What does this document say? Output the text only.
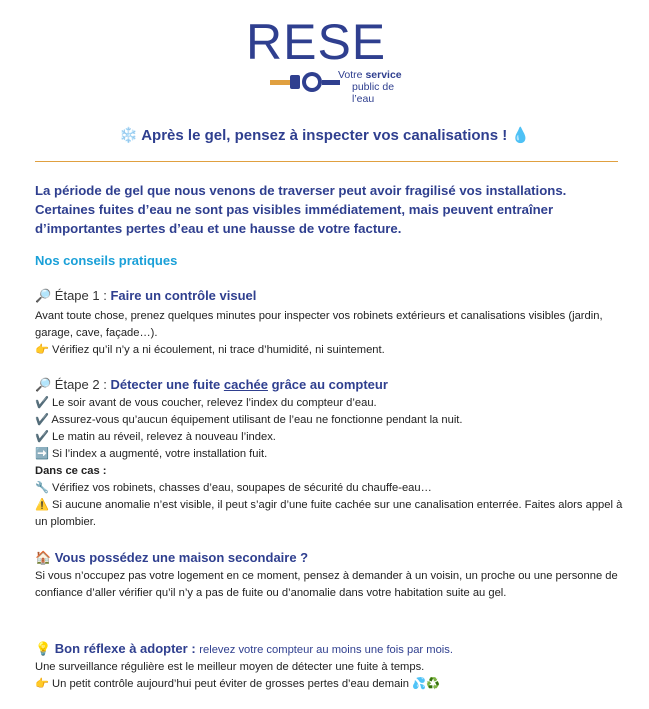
RESE
Votre service
public de l’eau
❄️ Après le gel, pensez à inspecter vos canalisations ! 💧
La période de gel que nous venons de traverser peut avoir fragilisé vos installations. Certaines fuites d’eau ne sont pas visibles immédiatement, mais peuvent entraîner d’importantes pertes d’eau et une hausse de votre facture.
Nos conseils pratiques
🔎 Étape 1 : Faire un contrôle visuel

Avant toute chose, prenez quelques minutes pour inspecter vos robinets extérieurs et canalisations visibles (jardin, garage, cave, façade…).

👉 Vérifiez qu’il n’y a ni écoulement, ni trace d’humidité, ni suintement.

🔎 Étape 2 : Détecter une fuite cachée grâce au compteur

✔️ Le soir avant de vous coucher, relevez l’index du compteur d’eau.

✔️ Assurez-vous qu’aucun équipement utilisant de l’eau ne fonctionne pendant la nuit.

✔️ Le matin au réveil, relevez à nouveau l’index.

➡️ Si l’index a augmenté, votre installation fuit.

Dans ce cas :

🔧 Vérifiez vos robinets, chasses d’eau, soupapes de sécurité du chauffe-eau…

⚠️ Si aucune anomalie n’est visible, il peut s’agir d’une fuite cachée sur une canalisation enterrée. Faites alors appel à un plombier.

🏠 Vous possédez une maison secondaire ?

Si vous n’occupez pas votre logement en ce moment, pensez à demander à un voisin, un proche ou une personne de confiance d’aller vérifier qu’il n’y a pas de fuite ou d’anomalie dans votre habitation suite au gel.

💡 Bon réflexe à adopter : relevez votre compteur au moins une fois par mois.

Une surveillance régulière est le meilleur moyen de détecter une fuite à temps.

👉 Un petit contrôle aujourd’hui peut éviter de grosses pertes d’eau demain 💦♻️
